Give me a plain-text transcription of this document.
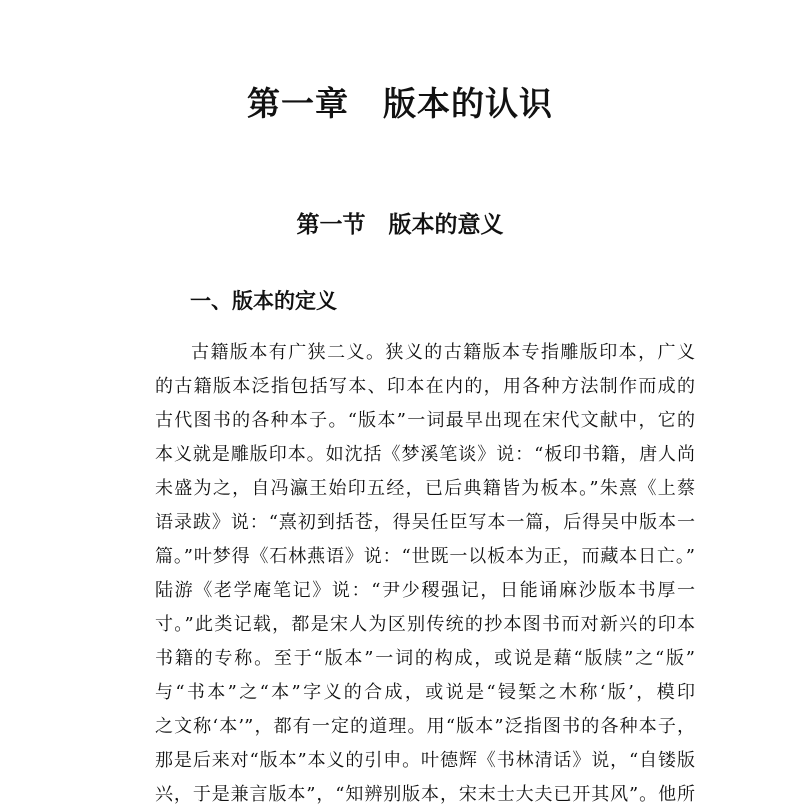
第一章　版本的认识
第一节　版本的意义
一、版本的定义
古籍版本有广狭二义。狭义的古籍版本专指雕版印本，广义
的古籍版本泛指包括写本、印本在内的，用各种方法制作而成的
古代图书的各种本子。“版本”一词最早出现在宋代文献中，它的
本义就是雕版印本。如沈括《梦溪笔谈》说：“板印书籍，唐人尚
未盛为之，自冯瀛王始印五经，已后典籍皆为板本。”朱熹《上蔡
语录跋》说：“熹初到括苍，得吴任臣写本一篇，后得吴中版本一
篇。”叶梦得《石林燕语》说：“世既一以板本为正，而藏本日亡。”
陆游《老学庵笔记》说：“尹少稷强记，日能诵麻沙版本书厚一
寸。”此类记载，都是宋人为区别传统的抄本图书而对新兴的印本
书籍的专称。至于“版本”一词的构成，或说是藉“版牍”之“版”
与“书本”之“本”字义的合成，或说是“锓椠之木称‘版’，模印
之文称‘本’”，都有一定的道理。用“版本”泛指图书的各种本子，
那是后来对“版本”本义的引申。叶德辉《书林清话》说，“自镂版
兴，于是兼言版本”，“知辨别版本，宋末士大夫已开其风”。他所
